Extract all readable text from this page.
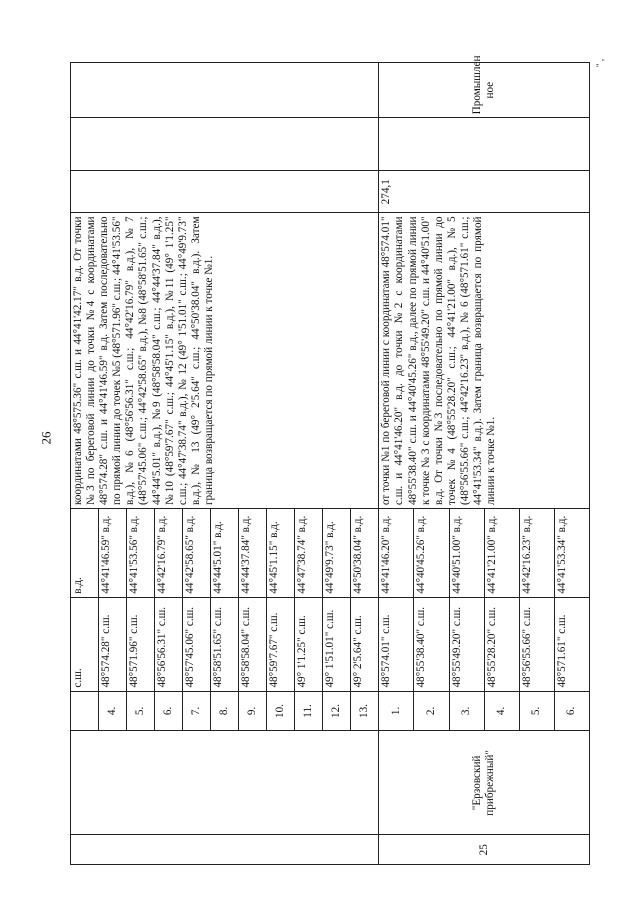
26
" ,
			с.ш.	в.д.	координатами 48°575.36" с.ш. и 44°41'42.17" в.д. От точки №3 по береговой линии до точки №4 с координатами 48°574.28" с.ш. и 44°41'46.59" в.д. Затем последовательно по прямой линии до точек №5 (48°571.96" с.ш.; 44°41'53.56" в.д.), №6 (48°56'56.31" с.ш.; 44°42'16.79" в.д.), №7 (48°57'45.06" с.ш.; 44°42'58.65" в.д.), №8 (48°58'51.65" с.ш.; 44°44'5.01" в.д.), №9 (48°58'58.04" с.ш.; 44°44'37.84" в.д.), №10 (48°59'7.67" с.ш.; 44°45'1.15" в.д.), №11 (49° 1'1.25" с.ш.; 44°47'38.74" в.д.), № 12 (49° 1'51.01" с.ш.; 44°49'9.73" в.д.), № 13 (49° 2'5.64" с.ш.; 44°50'38.04" в.д.). Затем граница возвращается по прямой линии к точке №1.			
		4.	48°574.28" с.ш.	44°41'46.59" в.д.				
		5.	48°571.96" с.ш.	44°41'53.56" в.д.				
		6.	48°56'56.31" с.ш.	44°42'16.79" в.д.				
		7.	48°57'45.06" с.ш.	44°42'58.65" в.д.				
		8.	48°58'51.65" с.ш.	44°44'5.01" в.д.				
		9.	48°58'58.04" с.ш.	44°44'37.84" в.д.				
		10.	48°59'7.67" с.ш.	44°45'1.15" в.д.				
		11.	49° 1'1.25" с.ш.	44°47'38.74" в.д.				
		12.	49° 1'51.01" с.ш.	44°49'9.73" в.д.				
		13.	49° 2'5.64" с.ш.	44°50'38.04" в.д.				
25	"Ерзовский прибрежный"	1.	48°574.01" с.ш.	44°41'46.20" в.д.	от точки №1 по береговой линии с координатами 48°574.01" с.ш. и 44°41'46.20" в.д. до точки №2 с координатами 48°55'38.40" с.ш. и 44°40'45.26" в.д., далее по прямой линии к точке № 3 с координатами 48°55'49.20" с.ш. и 44°40'51.00" в.д. От точки №3 последовательно по прямой линии до точек №4 (48°55'28.20" с.ш.; 44°41'21.00" в.д.), №5 (48°56'55.66" с.ш.; 44°42'16.23" в.д.), № 6 (48°571.61" с.ш.; 44°41'53.34" в.д.). Затем граница возвращается по прямой линии к точке №1.	274,1		Промышлен ное
		2.	48°55'38.40" с.ш.	44°40'45.26" в.д.				
		3.	48°55'49.20" с.ш.	44°40'51.00" в.д.				
		4.	48°55'28.20" с.ш.	44°41'21.00" в.д.				
		5.	48°56'55.66" с.ш.	44°42'16.23" в.д.				
		6.	48°571.61" с.ш.	44°41'53.34" в.д.				
